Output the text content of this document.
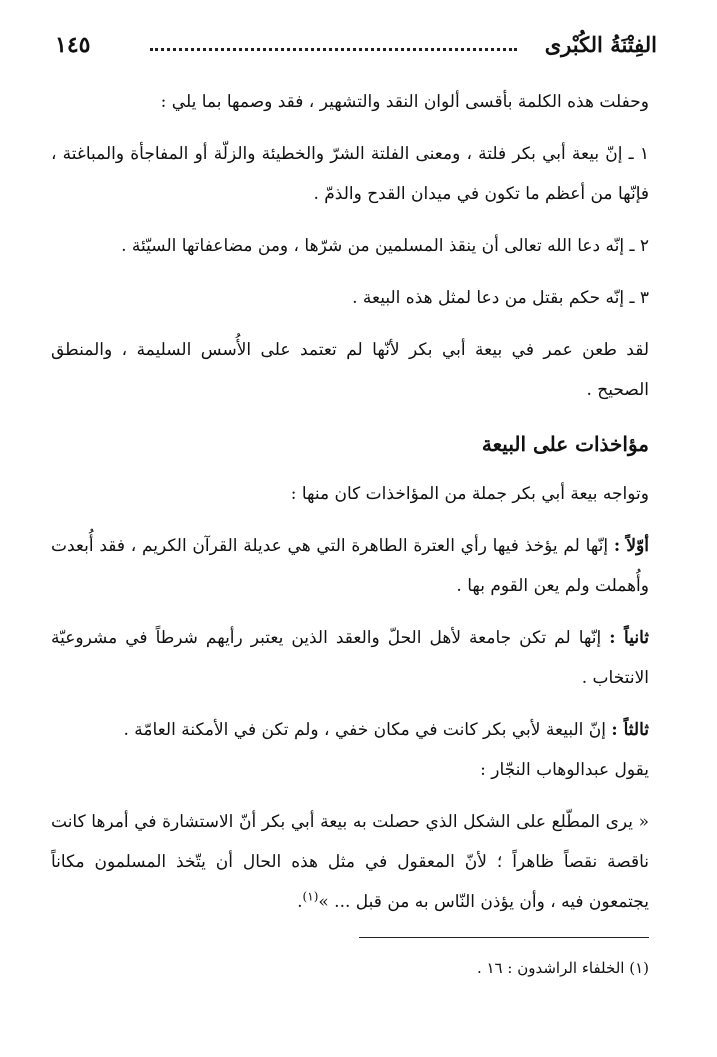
الفِتْنَةُ الكُبْرى
١٤٥

وحفلت هذه الكلمة بأقسى ألوان النقد والتشهير ، فقد وصمها بما يلي :

١ ـ إنّ بيعة أبي بكر فلتة ، ومعنى الفلتة الشرّ والخطيئة والزلّة أو المفاجأة والمباغتة ، فإنّها من أعظم ما تكون في ميدان القدح والذمّ .

٢ ـ إنّه دعا الله تعالى أن ينقذ المسلمين من شرّها ، ومن مضاعفاتها السيّئة .

٣ ـ إنّه حكم بقتل من دعا لمثل هذه البيعة .

لقد طعن عمر في بيعة أبي بكر لأنّها لم تعتمد على الأُسس السليمة ، والمنطق الصحيح .

مؤاخذات على البيعة

وتواجه بيعة أبي بكر جملة من المؤاخذات كان منها :

أوّلاً : إنّها لم يؤخذ فيها رأي العترة الطاهرة التي هي عديلة القرآن الكريم ، فقد أُبعدت وأُهملت ولم يعن القوم بها .

ثانياً : إنّها لم تكن جامعة لأهل الحلّ والعقد الذين يعتبر رأيهم شرطاً في مشروعيّة الانتخاب .

ثالثاً : إنّ البيعة لأبي بكر كانت في مكان خفي ، ولم تكن في الأمكنة العامّة .

يقول عبدالوهاب النجّار :

« يرى المطّلع على الشكل الذي حصلت به بيعة أبي بكر أنّ الاستشارة في أمرها كانت ناقصة نقصاً ظاهراً ؛ لأنّ المعقول في مثل هذه الحال أن يتّخذ المسلمون مكاناً يجتمعون فيه ، وأن يؤذن النّاس به من قبل ... »$^{(١)}$.

(١) الخلفاء الراشدون : ١٦ .
